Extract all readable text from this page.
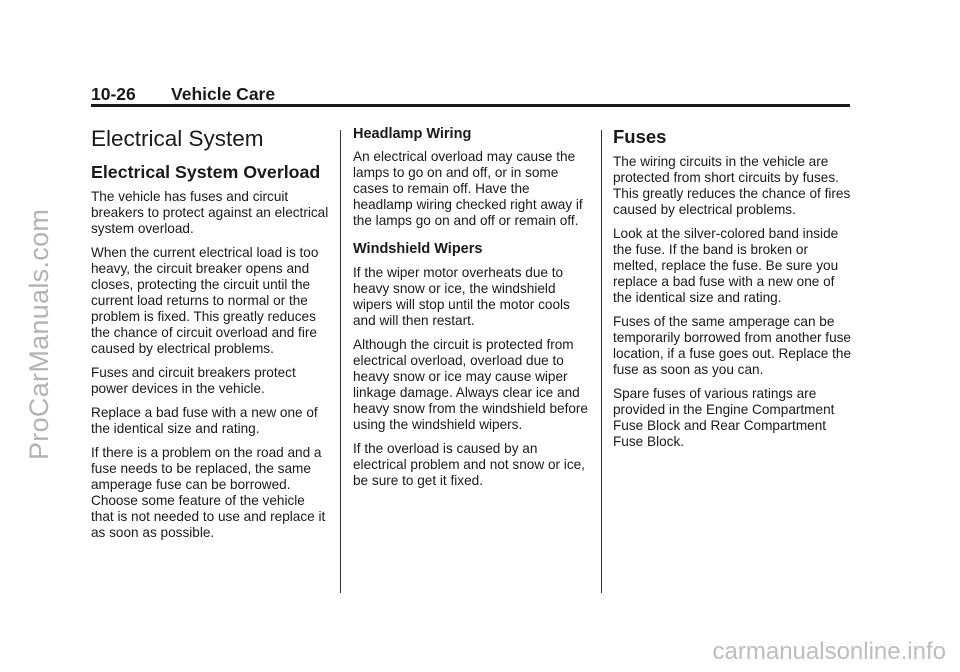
10-26 Vehicle Care
Electrical System
Electrical System Overload

The vehicle has fuses and circuit breakers to protect against an electrical system overload.

When the current electrical load is too heavy, the circuit breaker opens and closes, protecting the circuit until the current load returns to normal or the problem is fixed. This greatly reduces the chance of circuit overload and fire caused by electrical problems.

Fuses and circuit breakers protect power devices in the vehicle.

Replace a bad fuse with a new one of the identical size and rating.

If there is a problem on the road and a fuse needs to be replaced, the same amperage fuse can be borrowed. Choose some feature of the vehicle that is not needed to use and replace it as soon as possible.

Headlamp Wiring

An electrical overload may cause the lamps to go on and off, or in some cases to remain off. Have the headlamp wiring checked right away if the lamps go on and off or remain off.

Windshield Wipers

If the wiper motor overheats due to heavy snow or ice, the windshield wipers will stop until the motor cools and will then restart.

Although the circuit is protected from electrical overload, overload due to heavy snow or ice may cause wiper linkage damage. Always clear ice and heavy snow from the windshield before using the windshield wipers.

If the overload is caused by an electrical problem and not snow or ice, be sure to get it fixed.

Fuses

The wiring circuits in the vehicle are protected from short circuits by fuses. This greatly reduces the chance of fires caused by electrical problems.

Look at the silver-colored band inside the fuse. If the band is broken or melted, replace the fuse. Be sure you replace a bad fuse with a new one of the identical size and rating.

Fuses of the same amperage can be temporarily borrowed from another fuse location, if a fuse goes out. Replace the fuse as soon as you can.

Spare fuses of various ratings are provided in the Engine Compartment Fuse Block and Rear Compartment Fuse Block.

ProCarManuals.com
carmanualsonline.info
